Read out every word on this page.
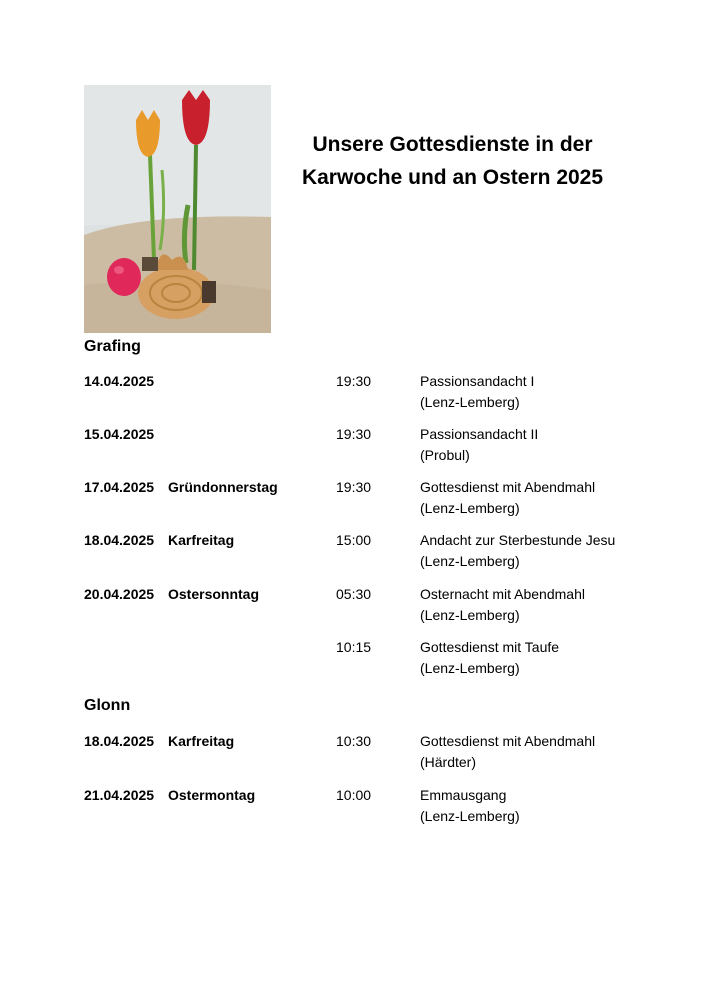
Unsere Gottesdienste in der
Karwoche und an Ostern 2025
Grafing
14.04.2025	19:30	Passionsandacht I
(Lenz-Lemberg)
15.04.2025	19:30	Passionsandacht II
(Probul)
17.04.2025 Gründonnerstag	19:30	Gottesdienst mit Abendmahl
(Lenz-Lemberg)
18.04.2025 Karfreitag	15:00	Andacht zur Sterbestunde Jesu
(Lenz-Lemberg)
20.04.2025 Ostersonntag	05:30	Osternacht mit Abendmahl
(Lenz-Lemberg)
10:15	Gottesdienst mit Taufe
(Lenz-Lemberg)
Glonn
18.04.2025 Karfreitag	10:30	Gottesdienst mit Abendmahl
(Härdter)
21.04.2025 Ostermontag	10:00	Emmausgang
(Lenz-Lemberg)
